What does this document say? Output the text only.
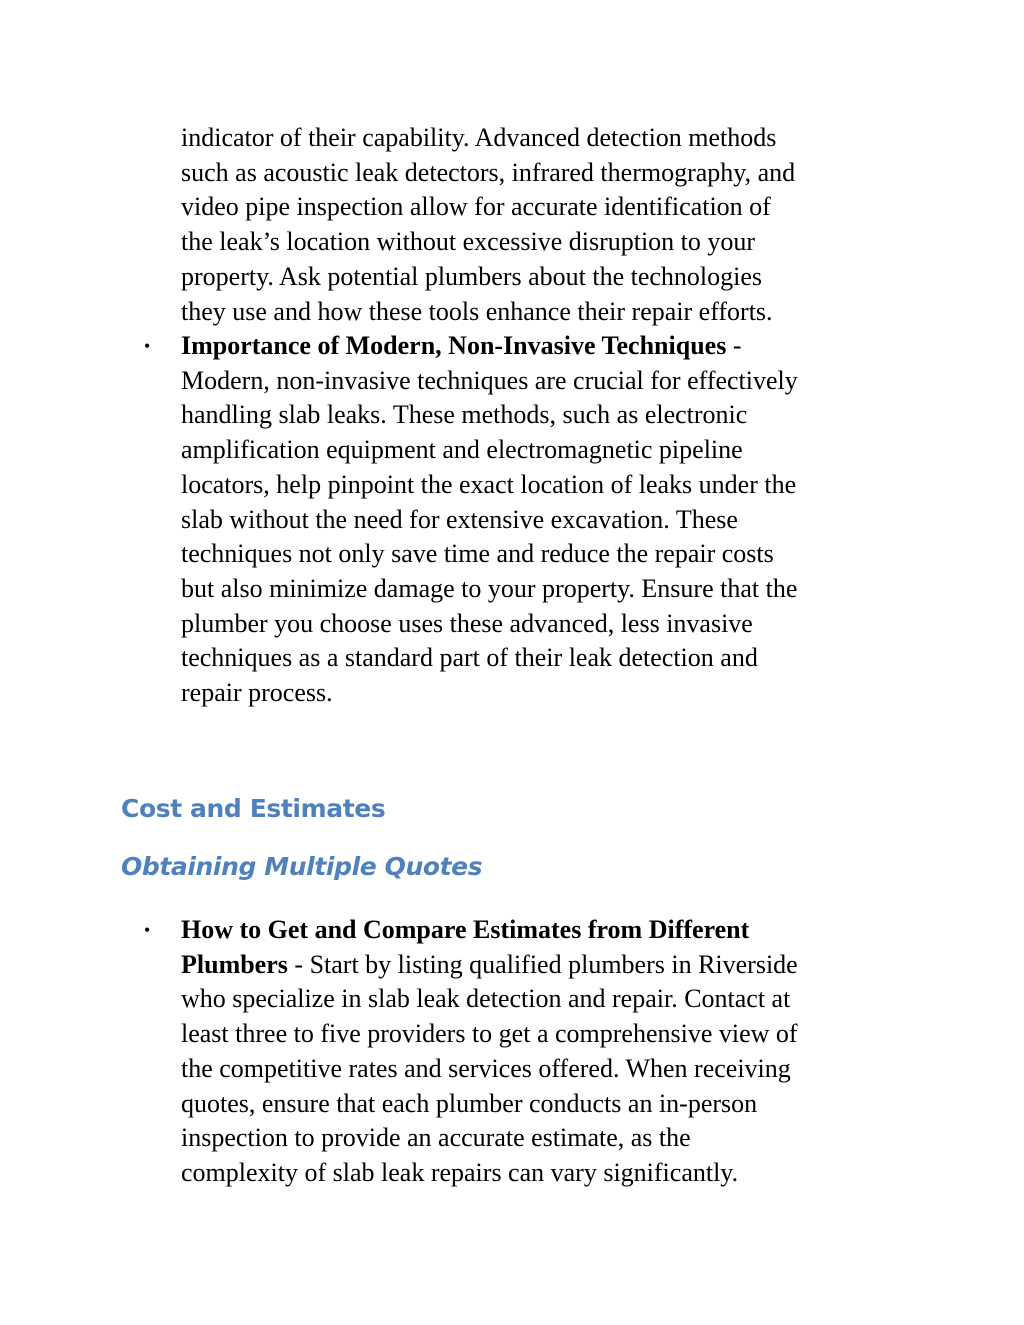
indicator of their capability. Advanced detection methods

such as acoustic leak detectors, infrared thermography, and

video pipe inspection allow for accurate identification of

the leak’s location without excessive disruption to your

property. Ask potential plumbers about the technologies

they use and how these tools enhance their repair efforts.

• Importance of Modern, Non-Invasive Techniques -

Modern, non-invasive techniques are crucial for effectively

handling slab leaks. These methods, such as electronic

amplification equipment and electromagnetic pipeline

locators, help pinpoint the exact location of leaks under the

slab without the need for extensive excavation. These

techniques not only save time and reduce the repair costs

but also minimize damage to your property. Ensure that the

plumber you choose uses these advanced, less invasive

techniques as a standard part of their leak detection and

repair process.

Cost and Estimates
Obtaining Multiple Quotes
• How to Get and Compare Estimates from Different

Plumbers - Start by listing qualified plumbers in Riverside

who specialize in slab leak detection and repair. Contact at

least three to five providers to get a comprehensive view of

the competitive rates and services offered. When receiving

quotes, ensure that each plumber conducts an in-person

inspection to provide an accurate estimate, as the

complexity of slab leak repairs can vary significantly.
